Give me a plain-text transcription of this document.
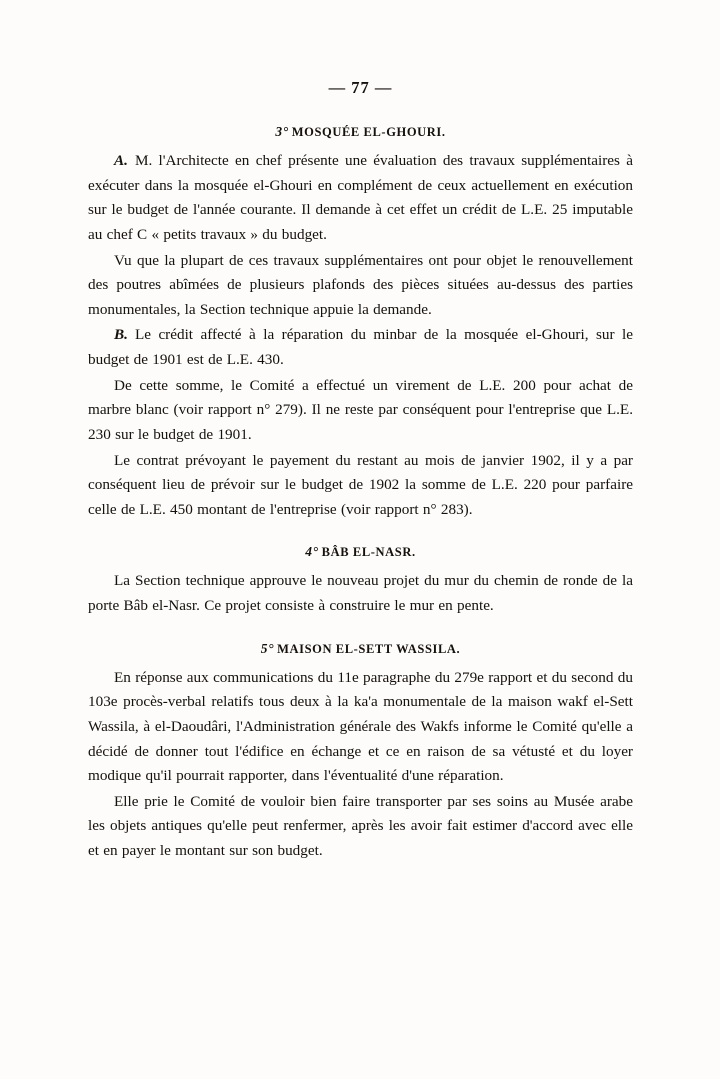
— 77 —
3° MOSQUÉE EL-GHOURI.

A. M. l'Architecte en chef présente une évaluation des travaux supplémentaires à exécuter dans la mosquée el-Ghouri en complément de ceux actuellement en exécution sur le budget de l'année courante. Il demande à cet effet un crédit de L.E. 25 imputable au chef C « petits travaux » du budget.

Vu que la plupart de ces travaux supplémentaires ont pour objet le renouvellement des poutres abîmées de plusieurs plafonds des pièces situées au-dessus des parties monumentales, la Section technique appuie la demande.

B. Le crédit affecté à la réparation du minbar de la mosquée el-Ghouri, sur le budget de 1901 est de L.E. 430.

De cette somme, le Comité a effectué un virement de L.E. 200 pour achat de marbre blanc (voir rapport n° 279). Il ne reste par conséquent pour l'entreprise que L.E. 230 sur le budget de 1901.

Le contrat prévoyant le payement du restant au mois de janvier 1902, il y a par conséquent lieu de prévoir sur le budget de 1902 la somme de L.E. 220 pour parfaire celle de L.E. 450 montant de l'entreprise (voir rapport n° 283).

4° BÂB EL-NASR.

La Section technique approuve le nouveau projet du mur du chemin de ronde de la porte Bâb el-Nasr. Ce projet consiste à construire le mur en pente.

5° MAISON EL-SETT WASSILA.

En réponse aux communications du 11e paragraphe du 279e rapport et du second du 103e procès-verbal relatifs tous deux à la ka'a monumentale de la maison wakf el-Sett Wassila, à el-Daoudâri, l'Administration générale des Wakfs informe le Comité qu'elle a décidé de donner tout l'édifice en échange et ce en raison de sa vétusté et du loyer modique qu'il pourrait rapporter, dans l'éventualité d'une réparation.

Elle prie le Comité de vouloir bien faire transporter par ses soins au Musée arabe les objets antiques qu'elle peut renfermer, après les avoir fait estimer d'accord avec elle et en payer le montant sur son budget.
